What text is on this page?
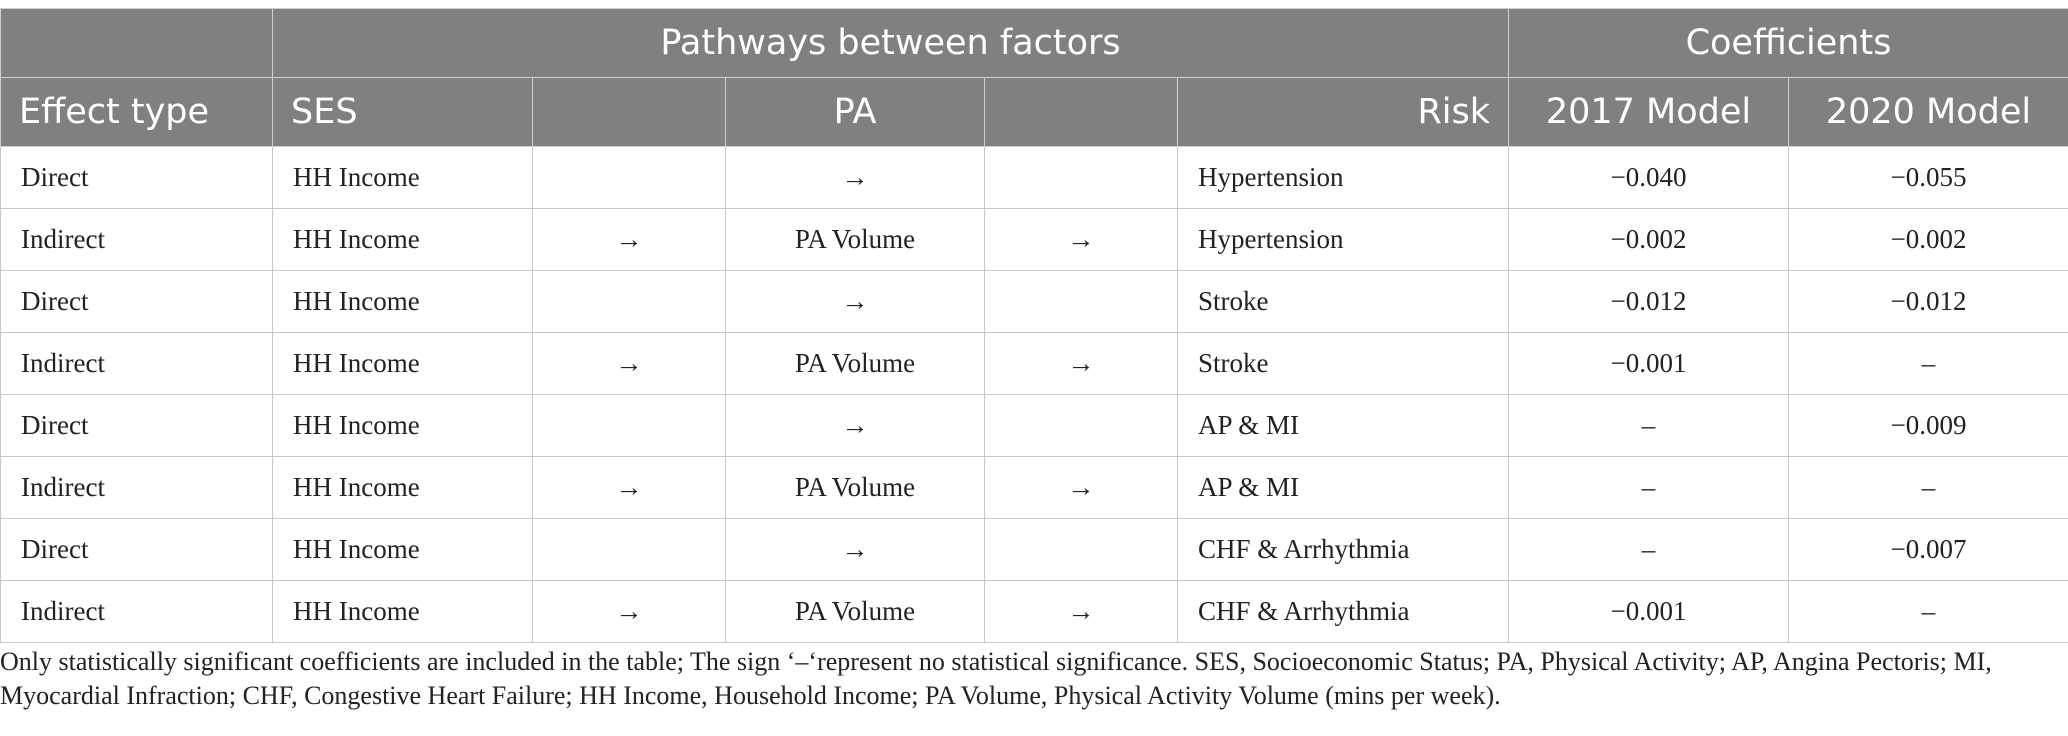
	Pathways between factors					Coefficients	
Effect type	SES		PA		Risk	2017 Model	2020 Model
Direct	HH Income		→		Hypertension	−0.040	−0.055
Indirect	HH Income	→	PA Volume	→	Hypertension	−0.002	−0.002
Direct	HH Income		→		Stroke	−0.012	−0.012
Indirect	HH Income	→	PA Volume	→	Stroke	−0.001	–
Direct	HH Income		→		AP & MI	–	−0.009
Indirect	HH Income	→	PA Volume	→	AP & MI	–	–
Direct	HH Income		→		CHF & Arrhythmia	–	−0.007
Indirect	HH Income	→	PA Volume	→	CHF & Arrhythmia	−0.001	–

Only statistically significant coefficients are included in the table; The sign ‘–‘represent no statistical significance. SES, Socioeconomic Status; PA, Physical Activity; AP, Angina Pectoris; MI, Myocardial Infraction; CHF, Congestive Heart Failure; HH Income, Household Income; PA Volume, Physical Activity Volume (mins per week).
